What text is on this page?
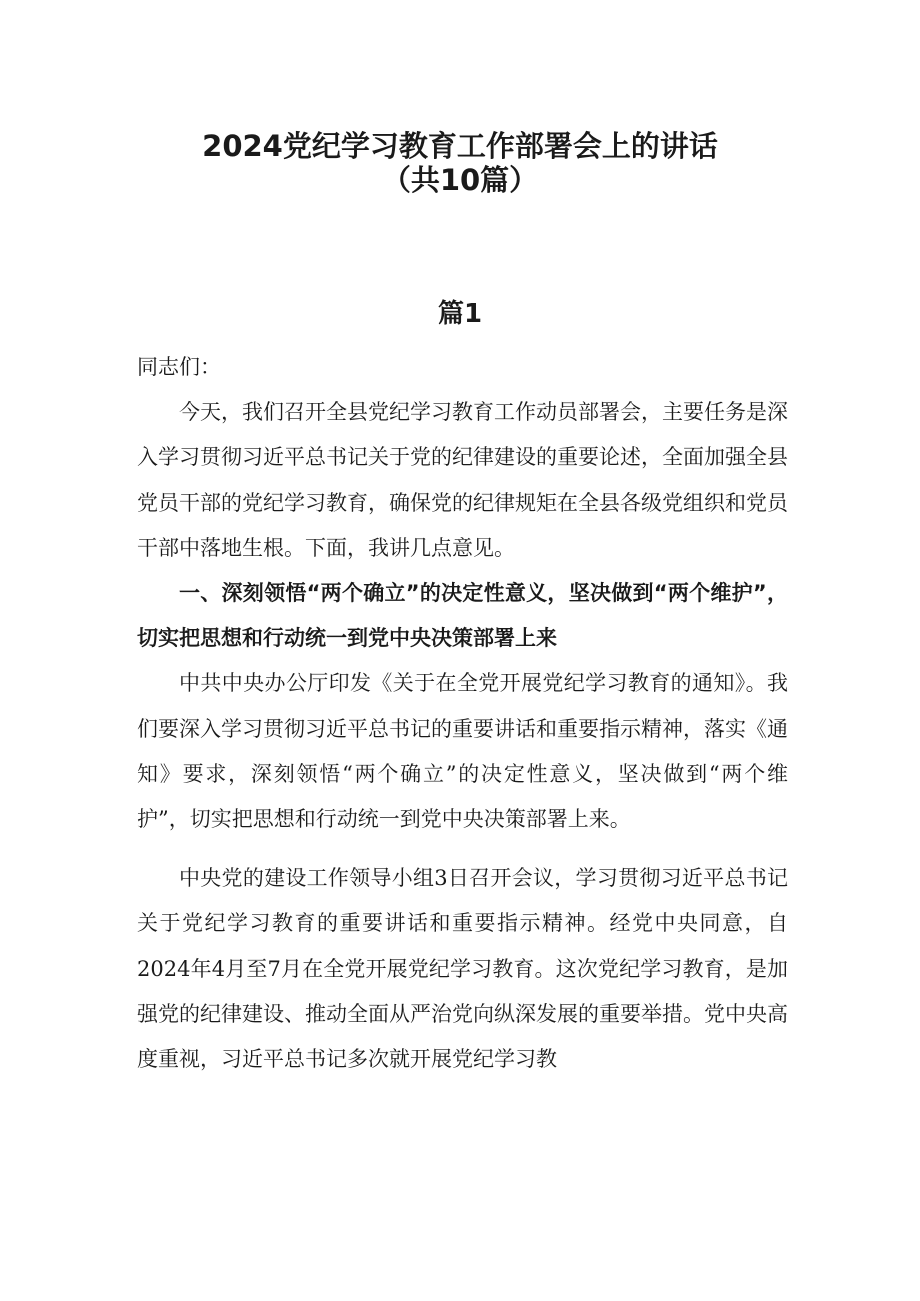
2024党纪学习教育工作部署会上的讲话
（共10篇）
篇1

同志们：

今天，我们召开全县党纪学习教育工作动员部署会，主要任务是深入学习贯彻习近平总书记关于党的纪律建设的重要论述，全面加强全县党员干部的党纪学习教育，确保党的纪律规矩在全县各级党组织和党员干部中落地生根。下面，我讲几点意见。

一、深刻领悟“两个确立”的决定性意义，坚决做到“两个维护”，切实把思想和行动统一到党中央决策部署上来

中共中央办公厅印发《关于在全党开展党纪学习教育的通知》。我们要深入学习贯彻习近平总书记的重要讲话和重要指示精神，落实《通知》要求，深刻领悟“两个确立”的决定性意义，坚决做到“两个维护”，切实把思想和行动统一到党中央决策部署上来。

中央党的建设工作领导小组3日召开会议，学习贯彻习近平总书记关于党纪学习教育的重要讲话和重要指示精神。经党中央同意，自2024年4月至7月在全党开展党纪学习教育。这次党纪学习教育，是加强党的纪律建设、推动全面从严治党向纵深发展的重要举措。党中央高度重视，习近平总书记多次就开展党纪学习教
